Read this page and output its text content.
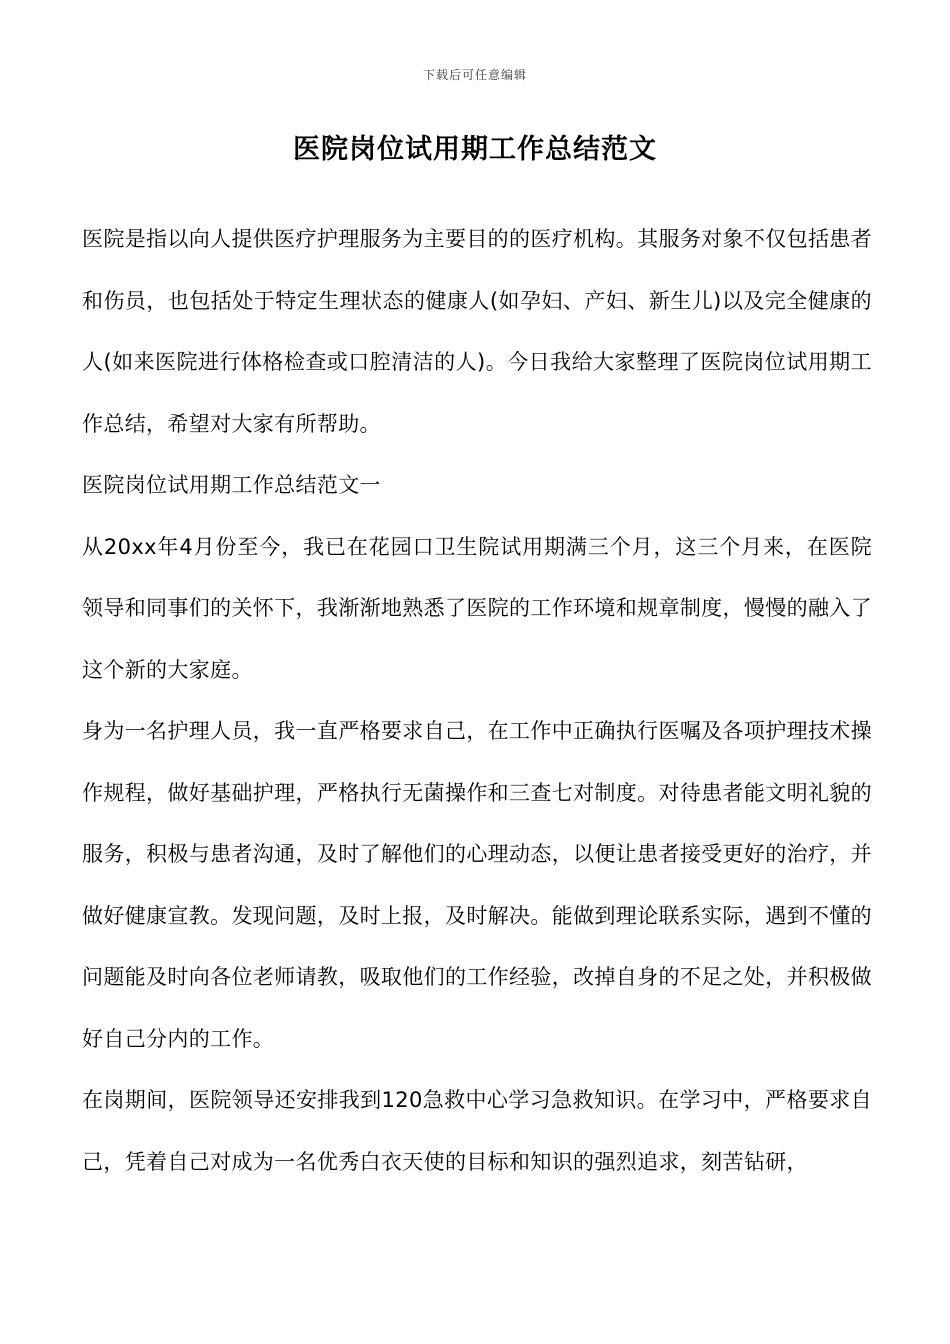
下载后可任意编辑
医院岗位试用期工作总结范文

医院是指以向人提供医疗护理服务为主要目的的医疗机构。其服务对象不仅包括患者和伤员，也包括处于特定生理状态的健康人(如孕妇、产妇、新生儿)以及完全健康的人(如来医院进行体格检查或口腔清洁的人)。今日我给大家整理了医院岗位试用期工作总结，希望对大家有所帮助。

医院岗位试用期工作总结范文一

从20xx年4月份至今，我已在花园口卫生院试用期满三个月，这三个月来，在医院领导和同事们的关怀下，我渐渐地熟悉了医院的工作环境和规章制度，慢慢的融入了这个新的大家庭。

身为一名护理人员，我一直严格要求自己，在工作中正确执行医嘱及各项护理技术操作规程，做好基础护理，严格执行无菌操作和三查七对制度。对待患者能文明礼貌的服务，积极与患者沟通，及时了解他们的心理动态，以便让患者接受更好的治疗，并做好健康宣教。发现问题，及时上报，及时解决。能做到理论联系实际，遇到不懂的问题能及时向各位老师请教，吸取他们的工作经验，改掉自身的不足之处，并积极做好自己分内的工作。

在岗期间，医院领导还安排我到120急救中心学习急救知识。在学习中，严格要求自己，凭着自己对成为一名优秀白衣天使的目标和知识的强烈追求，刻苦钻研，
